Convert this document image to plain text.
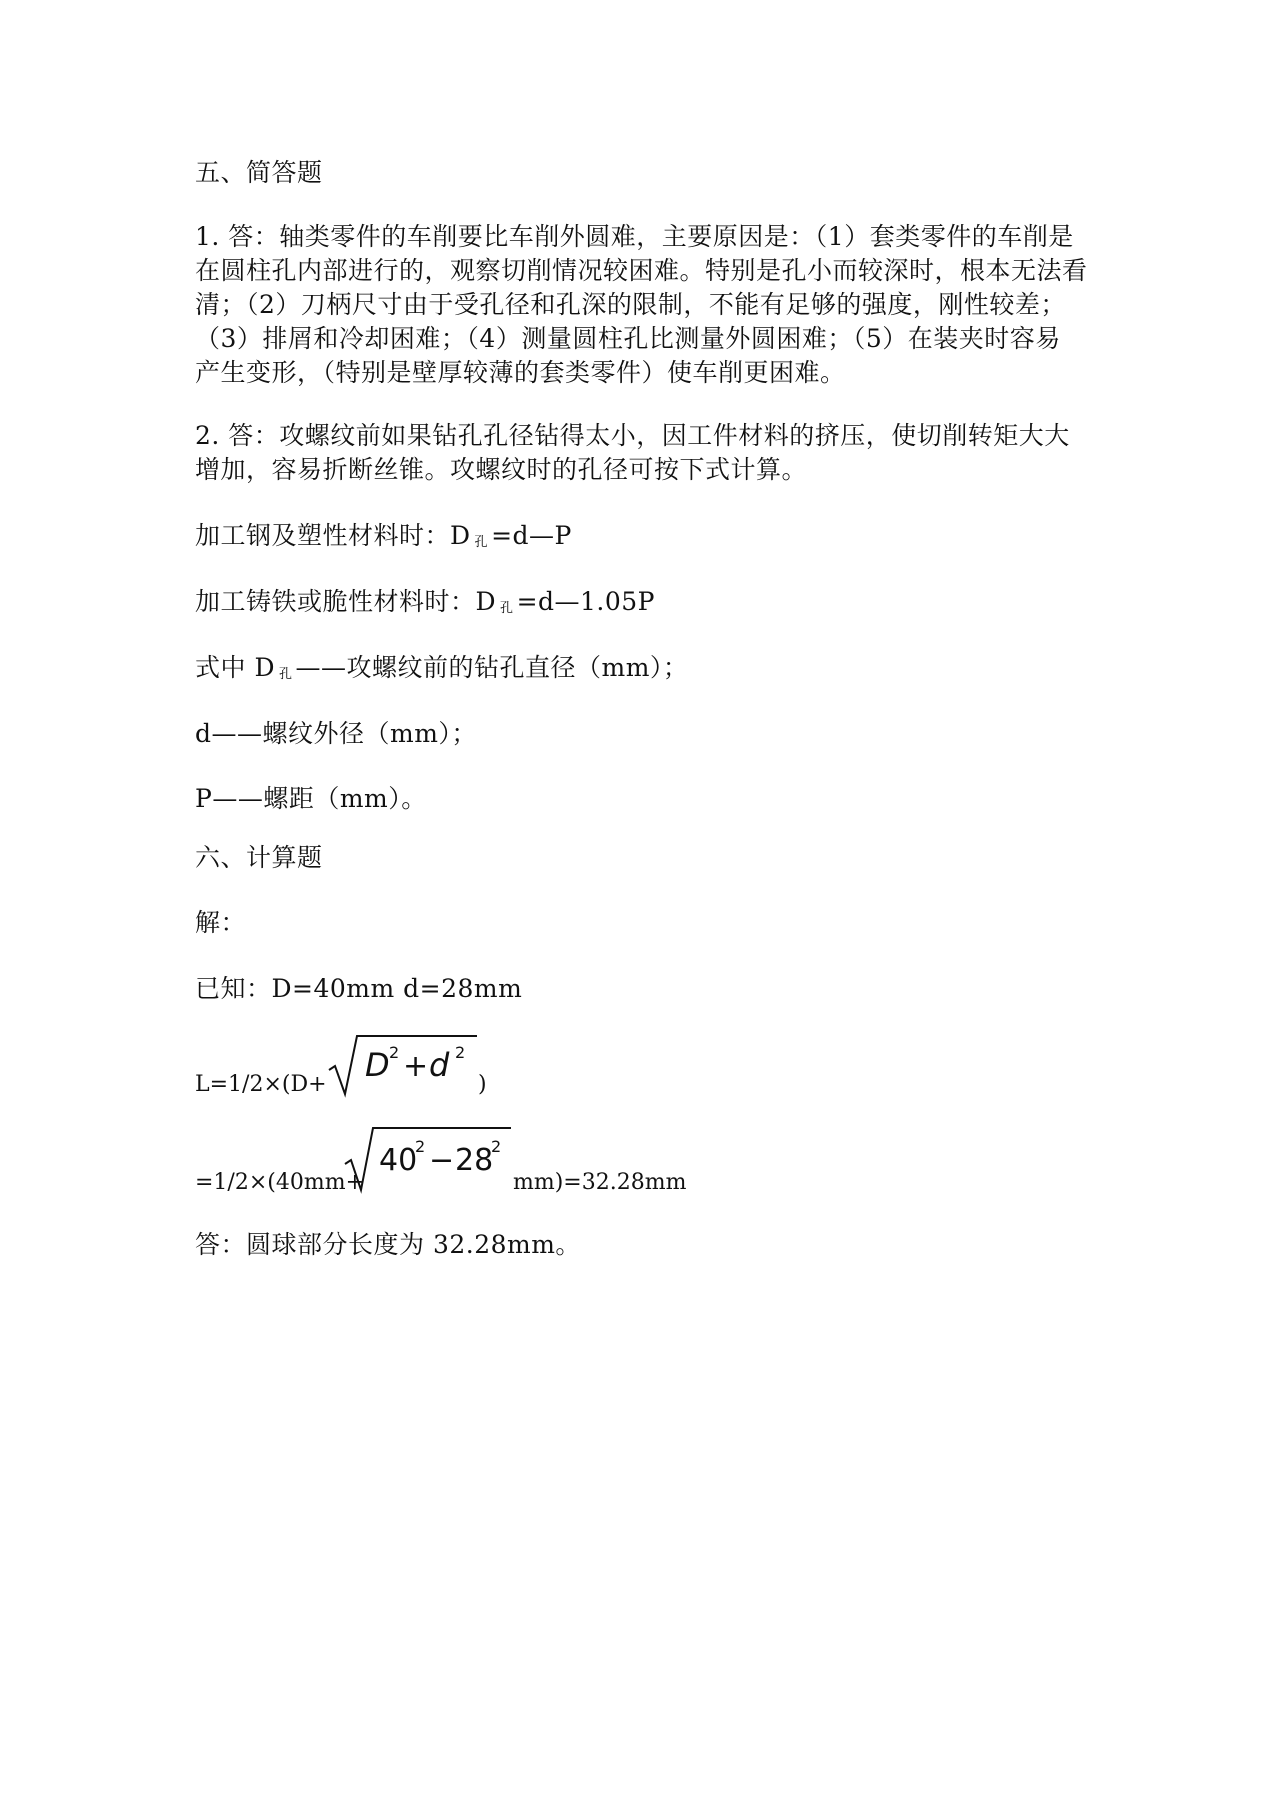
五、简答题
1. 答：轴类零件的车削要比车削外圆难，主要原因是：（1）套类零件的车削是
在圆柱孔内部进行的，观察切削情况较困难。特别是孔小而较深时，根本无法看
清；（2）刀柄尺寸由于受孔径和孔深的限制，不能有足够的强度，刚性较差；
（3）排屑和冷却困难；（4）测量圆柱孔比测量外圆困难；（5）在装夹时容易
产生变形，（特别是壁厚较薄的套类零件）使车削更困难。
2. 答：攻螺纹前如果钻孔孔径钻得太小，因工件材料的挤压，使切削转矩大大
增加，容易折断丝锥。攻螺纹时的孔径可按下式计算。
加工钢及塑性材料时：D 孔 =d—P
加工铸铁或脆性材料时：D 孔 =d—1.05P
式中 D 孔 ——攻螺纹前的钻孔直径（mm）；
d——螺纹外径（mm）；
P——螺距（mm）。
六、计算题
解：
已知：D=40mm d=28mm
L=1/2×(D+
D 2 + d 2
)
=1/2×(40mm+
40
2 − 28
2
mm)=32.28mm
答：圆球部分长度为 32.28mm。
